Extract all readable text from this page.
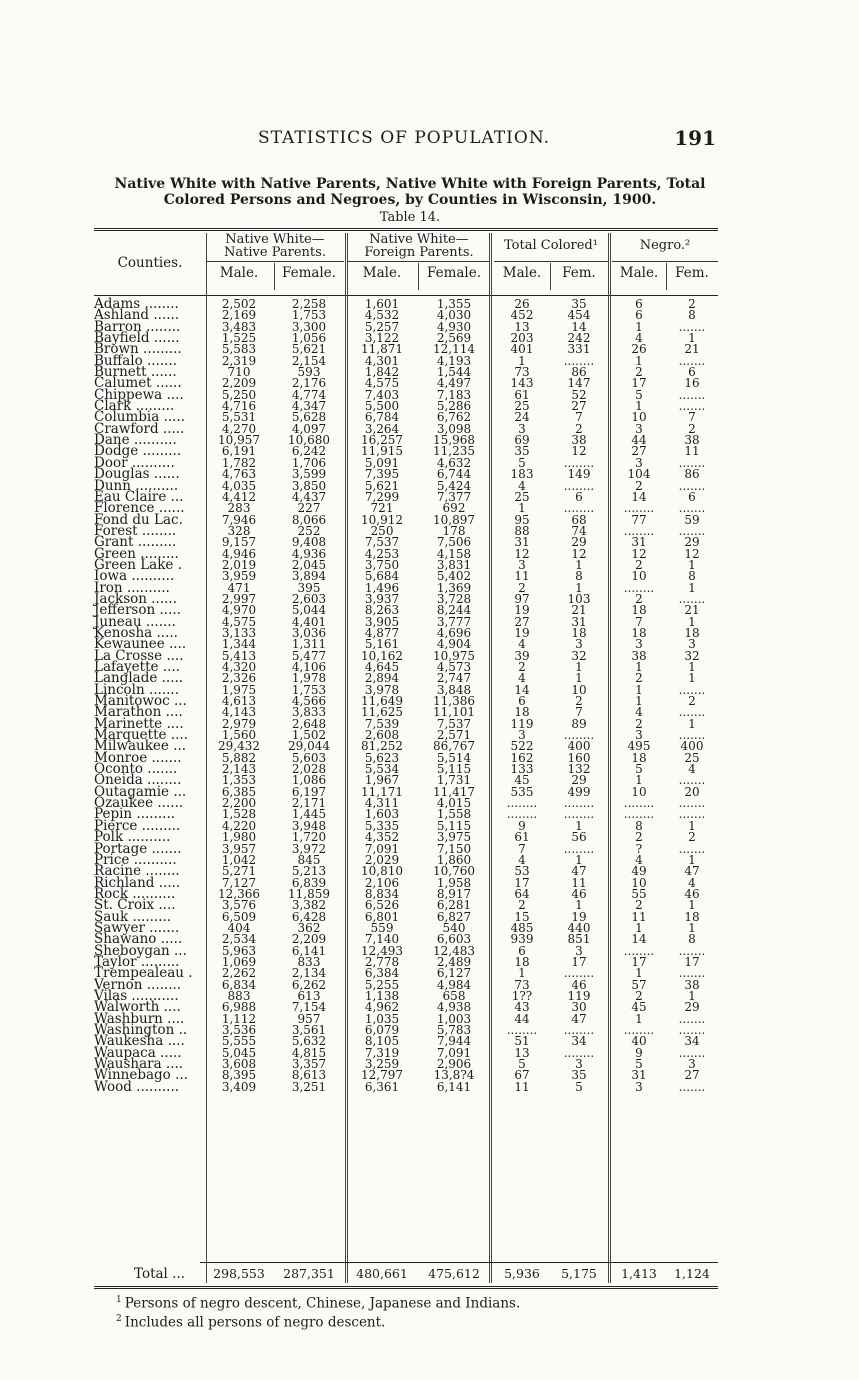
STATISTICS OF POPULATION.	191
Native White with Native Parents, Native White with Foreign Parents, Total
Colored Persons and Negroes, by Counties in Wisconsin, 1900.
Table 14.
Counties.
Native White—
Native Parents.
Native White—
Foreign Parents.	Total Colored¹	Negro.²
Male.	Female.	Male.	Female.	Male.	Fem.	Male.	Fem.
Adams ........	2,502	2,258	1,601	1,355	26	35	6	2
Ashland ......	2,169	1,753	4,532	4,030	452	454	6	8
Barron ........	3,483	3,300	5,257	4,930	13	14	1	.......
Bayfield ......	1,525	1,056	3,122	2,569	203	242	4	1
Brown .........	5,583	5,621	11,871	12,114	401	331	26	21
Buffalo .......	2,319	2,154	4,301	4,193	1	........	1	.......
Burnett ......	710	593	1,842	1,544	73	86	2	6
Calumet ......	2,209	2,176	4,575	4,497	143	147	17	16
Chippewa ....	5,250	4,774	7,403	7,183	61	52	5	.......
Clark .........	4,716	4,347	5,500	5,286	25	27	1	.......
Columbia .....	5,531	5,628	6,784	6,762	24	7	10	7
Crawford .....	4,270	4,097	3,264	3,098	3	2	3	2
Dane ..........	10,957	10,680	16,257	15,968	69	38	44	38
Dodge .........	6,191	6,242	11,915	11,235	35	12	27	11
Door ..........	1,782	1,706	5,091	4,632	5	........	3	.......
Douglas ......	4,763	3,599	7,395	6,744	183	149	104	86
Dunn ..........	4,035	3,850	5,621	5,424	4	........	2	.......
Eau Claire ...	4,412	4,437	7,299	7,377	25	6	14	6
Florence ......	283	227	721	692	1	........	........	.......
Fond du Lac.	7,946	8,066	10,912	10,897	95	68	77	59
Forest ........	328	252	250	178	88	74	........	.......
Grant .........	9,157	9,408	7,537	7,506	31	29	31	29
Green .........	4,946	4,936	4,253	4,158	12	12	12	12
Green Lake .	2,019	2,045	3,750	3,831	3	1	2	1
Iowa ..........	3,959	3,894	5,684	5,402	11	8	10	8
Iron ..........	471	395	1,496	1,369	2	1	........	1
Jackson ......	2,997	2,603	3,937	3,728	97	103	2	.......
Jefferson .....	4,970	5,044	8,263	8,244	19	21	18	21
Juneau .......	4,575	4,401	3,905	3,777	27	31	7	1
Kenosha .....	3,133	3,036	4,877	4,696	19	18	18	18
Kewaunee ....	1,344	1,311	5,161	4,904	4	3	3	3
La Crosse ....	5,413	5,477	10,162	10,975	39	32	38	32
Lafayette ....	4,320	4,106	4,645	4,573	2	1	1	1
Langlade .....	2,326	1,978	2,894	2,747	4	1	2	1
Lincoln .......	1,975	1,753	3,978	3,848	14	10	1	.......
Manitowoc ...	4,613	4,566	11,649	11,386	6	2	1	2
Marathon ....	4,143	3,833	11,625	11,101	18	7	4	.......
Marinette ....	2,979	2,648	7,539	7,537	119	89	2	1
Marquette ....	1,560	1,502	2,608	2,571	3	........	3	.......
Milwaukee ...	29,432	29,044	81,252	86,767	522	400	495	400
Monroe .......	5,882	5,603	5,623	5,514	162	160	18	25
Oconto .......	2,143	2,028	5,534	5,115	133	132	5	4
Oneida ........	1,353	1,086	1,967	1,731	45	29	1	.......
Outagamie ...	6,385	6,197	11,171	11,417	535	499	10	20
Ozaukee ......	2,200	2,171	4,311	4,015	........	........	........	.......
Pepin .........	1,528	1,445	1,603	1,558	........	........	........	.......
Pierce .........	4,220	3,948	5,335	5,115	9	1	8	1
Polk ..........	1,980	1,720	4,352	3,975	61	56	2	2
Portage .......	3,957	3,972	7,091	7,150	7	........	?	.......
Price ..........	1,042	845	2,029	1,860	4	1	4	1
Racine ........	5,271	5,213	10,810	10,760	53	47	49	47
Richland .....	7,127	6,839	2,106	1,958	17	11	10	4
Rock ..........	12,366	11,859	8,834	8,917	64	46	55	46
St. Croix ....	3,576	3,382	6,526	6,281	2	1	2	1
Sauk .........	6,509	6,428	6,801	6,827	15	19	11	18
Sawyer .......	404	362	559	540	485	440	1	1
Shawano .....	2,534	2,209	7,140	6,603	939	851	14	8
Sheboygan ...	5,963	6,141	12,493	12,483	6	3	........	.......
Taylor .........	1,069	833	2,778	2,489	18	17	17	17
Trempealeau .	2,262	2,134	6,384	6,127	1	........	1	.......
Vernon ........	6,834	6,262	5,255	4,984	73	46	57	38
Vilas ...........	883	613	1,138	658	1??	119	2	1
Walworth ....	6,988	7,154	4,962	4,938	43	30	45	29
Washburn ....	1,112	957	1,035	1,003	44	47	1	.......
Washington ..	3,536	3,561	6,079	5,783	........	........	........	.......
Waukesha ....	5,555	5,632	8,105	7,944	51	34	40	34
Waupaca .....	5,045	4,815	7,319	7,091	13	........	9	.......
Waushara ....	3,608	3,357	3,259	2,906	5	3	5	3
Winnebago ...	8,395	8,613	12,797	13,8?4	67	35	31	27
Wood ..........	3,409	3,251	6,361	6,141	11	5	3	.......
Total ...	298,553	287,351	480,661	475,612	5,936	5,175	1,413	1,124
$^1$ Persons of negro descent, Chinese, Japanese and Indians.
$^2$ Includes all persons of negro descent.
